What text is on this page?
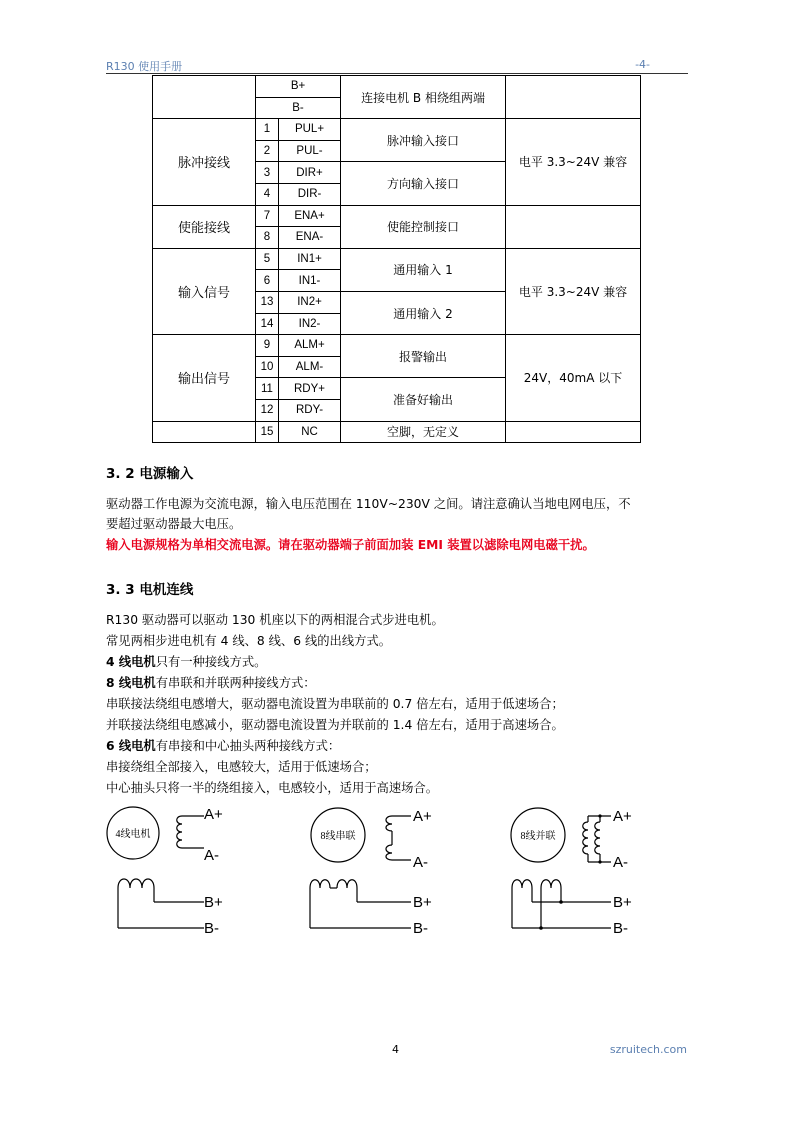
R130 使用手册	-4-
	B+		连接电机 B 相绕组两端	
	B-			
脉冲接线	1	PUL+	脉冲输入接口	电平 3.3~24V 兼容
	2	PUL-		
	3	DIR+	方向输入接口	
	4	DIR-		
使能接线	7	ENA+	使能控制接口	
	8	ENA-		
输入信号	5	IN1+	通用输入 1	电平 3.3~24V 兼容
	6	IN1-		
	13	IN2+	通用输入 2	
	14	IN2-		
输出信号	9	ALM+	报警输出	24V，40mA 以下
	10	ALM-		
	11	RDY+	准备好输出	
	12	RDY-		
	15	NC	空脚，无定义	
3. 2 电源输入
驱动器工作电源为交流电源，输入电压范围在 110V~230V 之间。请注意确认当地电网电压，不
要超过驱动器最大电压。
输入电源规格为单相交流电源。请在驱动器端子前面加装 EMI 装置以滤除电网电磁干扰。
3. 3 电机连线
R130 驱动器可以驱动 130 机座以下的两相混合式步进电机。
常见两相步进电机有 4 线、8 线、6 线的出线方式。
4 线电机只有一种接线方式。
8 线电机有串联和并联两种接线方式：
串联接法绕组电感增大，驱动器电流设置为串联前的 0.7 倍左右，适用于低速场合；
并联接法绕组电感减小，驱动器电流设置为并联前的 1.4 倍左右，适用于高速场合。
6 线电机有串接和中心抽头两种接线方式：
串接绕组全部接入，电感较大，适用于低速场合；
中心抽头只将一半的绕组接入，电感较小，适用于高速场合。
4线电机	8线串联	8线并联
A+
A-
B+
B-
A+
A-
B+
B-
A+
A-
B+
B-
4	szruitech.com
